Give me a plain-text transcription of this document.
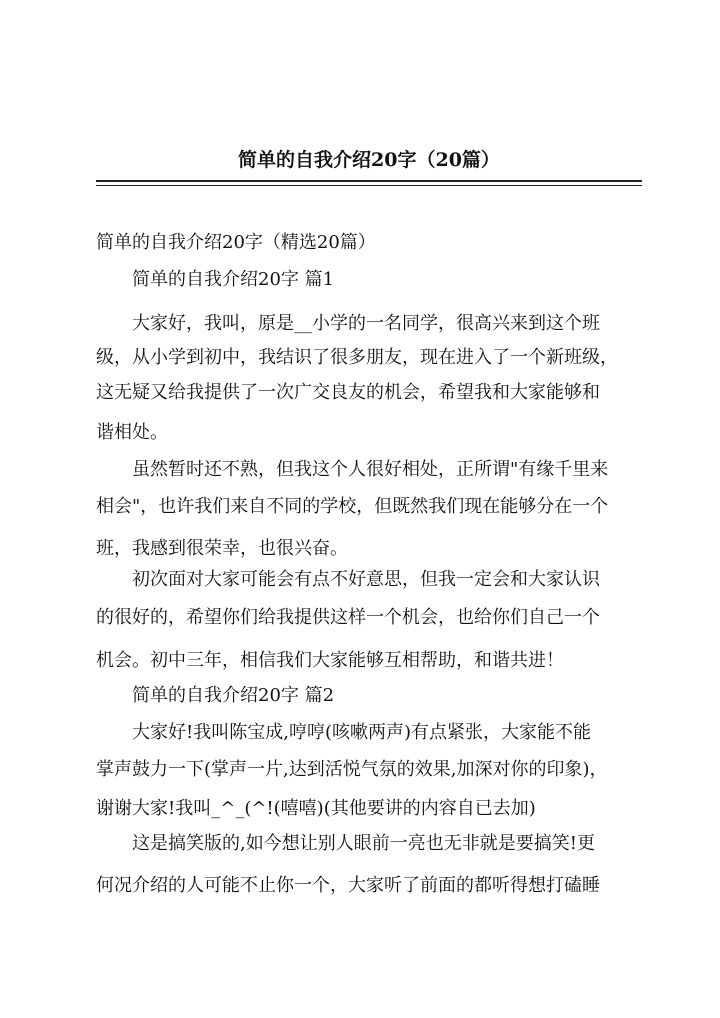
简单的自我介绍20字（20篇）
简单的自我介绍20字（精选20篇）
简单的自我介绍20字 篇1
大家好，我叫，原是__小学的一名同学，很高兴来到这个班
级，从小学到初中，我结识了很多朋友，现在进入了一个新班级，
这无疑又给我提供了一次广交良友的机会，希望我和大家能够和
谐相处。
虽然暂时还不熟，但我这个人很好相处，正所谓"有缘千里来
相会"，也许我们来自不同的学校，但既然我们现在能够分在一个
班，我感到很荣幸，也很兴奋。
初次面对大家可能会有点不好意思，但我一定会和大家认识
的很好的，希望你们给我提供这样一个机会，也给你们自己一个
机会。初中三年，相信我们大家能够互相帮助，和谐共进！
简单的自我介绍20字 篇2
大家好!我叫陈宝成,哼哼(咳嗽两声)有点紧张，大家能不能
掌声鼓力一下(掌声一片,达到活悦气氛的效果,加深对你的印象)，
谢谢大家!我叫_^_(^!(嘻嘻)(其他要讲的内容自已去加)
这是搞笑版的,如今想让别人眼前一亮也无非就是要搞笑!更
何况介绍的人可能不止你一个，大家听了前面的都听得想打磕睡
